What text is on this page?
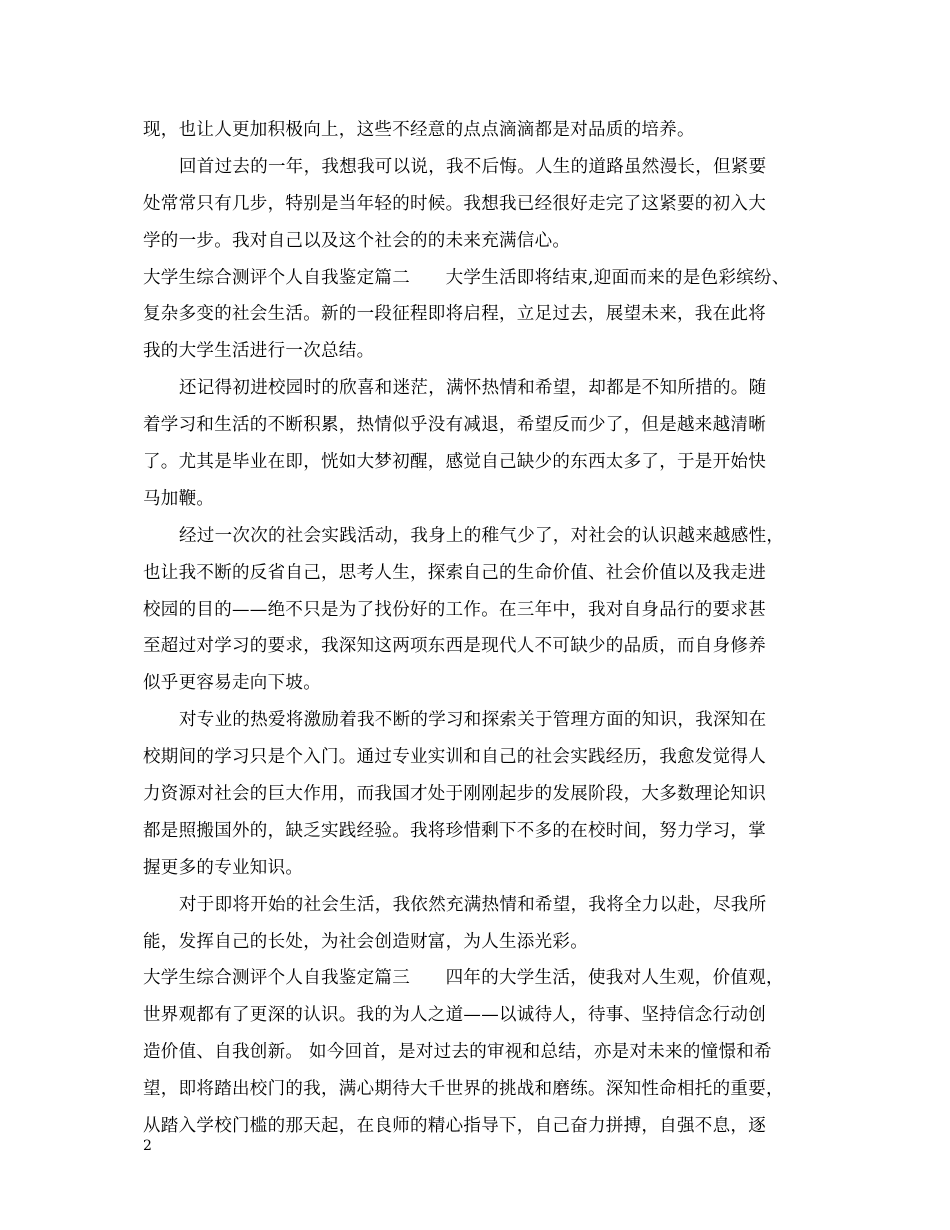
现，也让人更加积极向上，这些不经意的点点滴滴都是对品质的培养。
回首过去的一年，我想我可以说，我不后悔。人生的道路虽然漫长，但紧要
处常常只有几步，特别是当年轻的时候。我想我已经很好走完了这紧要的初入大
学的一步。我对自己以及这个社会的的未来充满信心。
大学生综合测评个人自我鉴定篇二　　大学生活即将结束,迎面而来的是色彩缤纷、
复杂多变的社会生活。新的一段征程即将启程，立足过去，展望未来，我在此将
我的大学生活进行一次总结。
还记得初进校园时的欣喜和迷茫，满怀热情和希望，却都是不知所措的。随
着学习和生活的不断积累，热情似乎没有减退，希望反而少了，但是越来越清晰
了。尤其是毕业在即，恍如大梦初醒，感觉自己缺少的东西太多了，于是开始快
马加鞭。
经过一次次的社会实践活动，我身上的稚气少了，对社会的认识越来越感性，
也让我不断的反省自己，思考人生，探索自己的生命价值、社会价值以及我走进
校园的目的——绝不只是为了找份好的工作。在三年中，我对自身品行的要求甚
至超过对学习的要求，我深知这两项东西是现代人不可缺少的品质，而自身修养
似乎更容易走向下坡。
对专业的热爱将激励着我不断的学习和探索关于管理方面的知识，我深知在
校期间的学习只是个入门。通过专业实训和自己的社会实践经历，我愈发觉得人
力资源对社会的巨大作用，而我国才处于刚刚起步的发展阶段，大多数理论知识
都是照搬国外的，缺乏实践经验。我将珍惜剩下不多的在校时间，努力学习，掌
握更多的专业知识。
对于即将开始的社会生活，我依然充满热情和希望，我将全力以赴，尽我所
能，发挥自己的长处，为社会创造财富，为人生添光彩。
大学生综合测评个人自我鉴定篇三　　四年的大学生活，使我对人生观，价值观，
世界观都有了更深的认识。我的为人之道——以诚待人，待事、坚持信念行动创
造价值、自我创新。 如今回首，是对过去的审视和总结，亦是对未来的憧憬和希
望，即将踏出校门的我，满心期待大千世界的挑战和磨练。深知性命相托的重要，
从踏入学校门槛的那天起，在良师的精心指导下，自己奋力拼搏，自强不息，逐
2
